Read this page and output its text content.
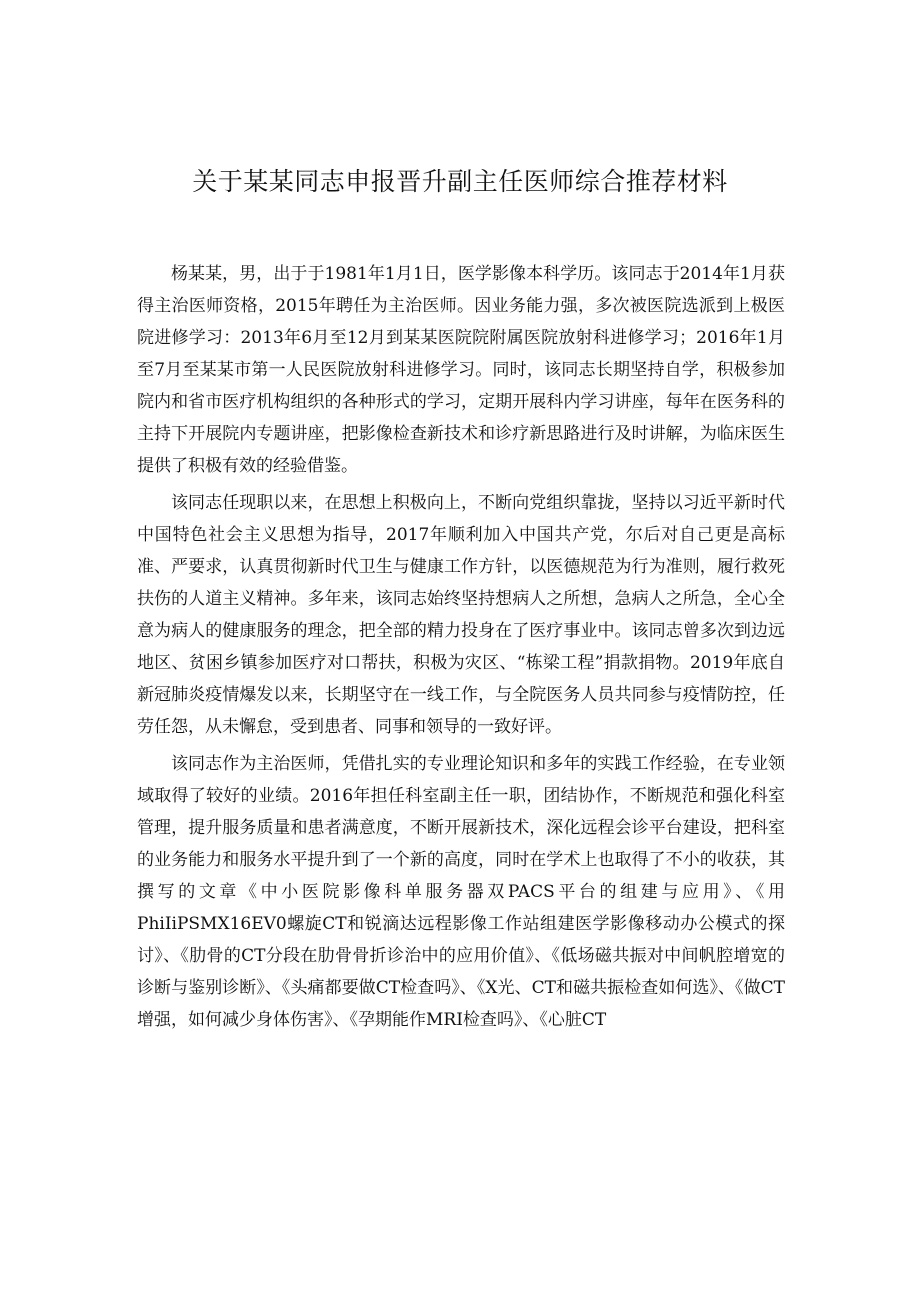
关于某某同志申报晋升副主任医师综合推荐材料

杨某某，男，出于于1981年1月1日，医学影像本科学历。该同志于2014年1月获得主治医师资格，2015年聘任为主治医师。因业务能力强，多次被医院选派到上极医院进修学习：2013年6月至12月到某某医院院附属医院放射科进修学习；2016年1月至7月至某某市第一人民医院放射科进修学习。同时，该同志长期坚持自学，积极参加院内和省市医疗机构组织的各种形式的学习，定期开展科内学习讲座，每年在医务科的主持下开展院内专题讲座，把影像检查新技术和诊疗新思路进行及时讲解，为临床医生提供了积极有效的经验借鉴。

该同志任现职以来，在思想上积极向上，不断向党组织靠拢，坚持以习近平新时代中国特色社会主义思想为指导，2017年顺利加入中国共产党，尔后对自己更是高标准、严要求，认真贯彻新时代卫生与健康工作方针，以医德规范为行为准则，履行救死扶伤的人道主义精神。多年来，该同志始终坚持想病人之所想，急病人之所急，全心全意为病人的健康服务的理念，把全部的精力投身在了医疗事业中。该同志曾多次到边远地区、贫困乡镇参加医疗对口帮扶，积极为灾区、“栋梁工程”捐款捐物。2019年底自新冠肺炎疫情爆发以来，长期坚守在一线工作，与全院医务人员共同参与疫情防控，任劳任怨，从未懈怠，受到患者、同事和领导的一致好评。

该同志作为主治医师，凭借扎实的专业理论知识和多年的实践工作经验，在专业领域取得了较好的业绩。2016年担任科室副主任一职，团结协作，不断规范和强化科室管理，提升服务质量和患者满意度，不断开展新技术，深化远程会诊平台建设，把科室的业务能力和服务水平提升到了一个新的高度，同时在学术上也取得了不小的收获，其撰写的文章《中小医院影像科单服务器双PACS平台的组建与应用》、《用PhiIiPSMX16EV0螺旋CT和锐滴达远程影像工作站组建医学影像移动办公模式的探讨》、《肋骨的CT分段在肋骨骨折诊治中的应用价值》、《低场磁共振对中间帆腔增宽的诊断与鉴别诊断》、《头痛都要做CT检查吗》、《X光、CT和磁共振检查如何选》、《做CT增强，如何减少身体伤害》、《孕期能作MRI检查吗》、《心脏CT
